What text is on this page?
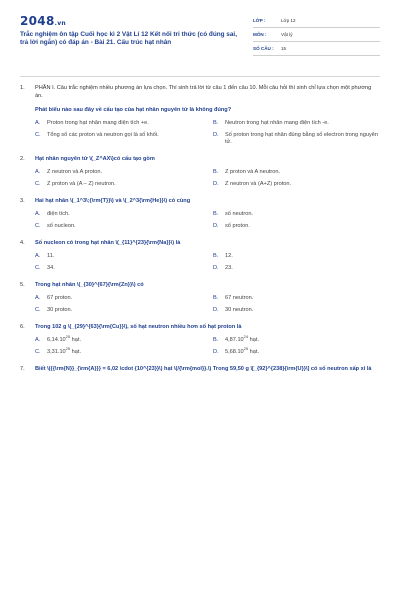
2048.vn
Trắc nghiệm ôn tập Cuối học kì 2 Vật Lí 12 Kết nối tri thức (có đúng sai, trả lời ngắn) có đáp án - Bài 21. Cấu trúc hạt nhân
LỚP :	Lớp 12
MÔN :	Vật lý
SỐ CÂU :	15
1.	PHẦN I. Câu trắc nghiệm nhiều phương án lựa chọn. Thí sinh trả lời từ câu 1 đến câu 10. Mỗi câu hỏi thí sinh chỉ lựa chọn một phương án.
Phát biểu nào sau đây về cấu tạo của hạt nhân nguyên tử là không đúng?
A.	Proton trong hạt nhân mang điện tích +e.	B.	Neutron trong hạt nhân mang điện tích -e.
C.	Tổng số các proton và neutron gọi là số khối.	D.	Số proton trong hạt nhân đúng bằng số electron trong nguyên tử.
2.	Hạt nhân nguyên tử \(_Z^AX\)có cấu tạo gồm
A.	Z neutron và A proton.	B.	Z proton và A neutron.
C.	Z proton và (A – Z) neutron.	D.	Z neutron và (A+Z) proton.
3.	Hai hạt nhân \(_1^3\;{\rm{T}}\) và \(_2^3{\rm{He}}\) có cùng
A.	điện tích.	B.	số neutron.
C.	số nucleon.	D.	số proton.
4.	Số nucleon có trong hạt nhân \(_{11}^{23}{\rm{Na}}\) là
A.	11.	B.	12.
C.	34.	D.	23.
5.	Trong hạt nhân \(_{30}^{67}{\rm{Zn}}\) có
A.	67 proton.	B.	67 neutron.
C.	30 proton.	D.	30 neutron.
6.	Trong 102 g \(_{29}^{63}{\rm{Cu}}\), số hạt neutron nhiều hơn số hạt proton là
A.	6,14.10$^{25}$ hạt.	B.	4,87.10$^{24}$ hạt.
C.	3,31.10$^{25}$ hạt.	D.	5,68.10$^{25}$ hạt.
7.	Biết \({{\rm{N}}_{\rm{A}}} = 6,02 \cdot {10^{23}}\) hạt \(/{\rm{mol}}.\) Trong 59,50 g \[_{92}^{238}{\rm{U}}\] có số neutron xấp xỉ là
